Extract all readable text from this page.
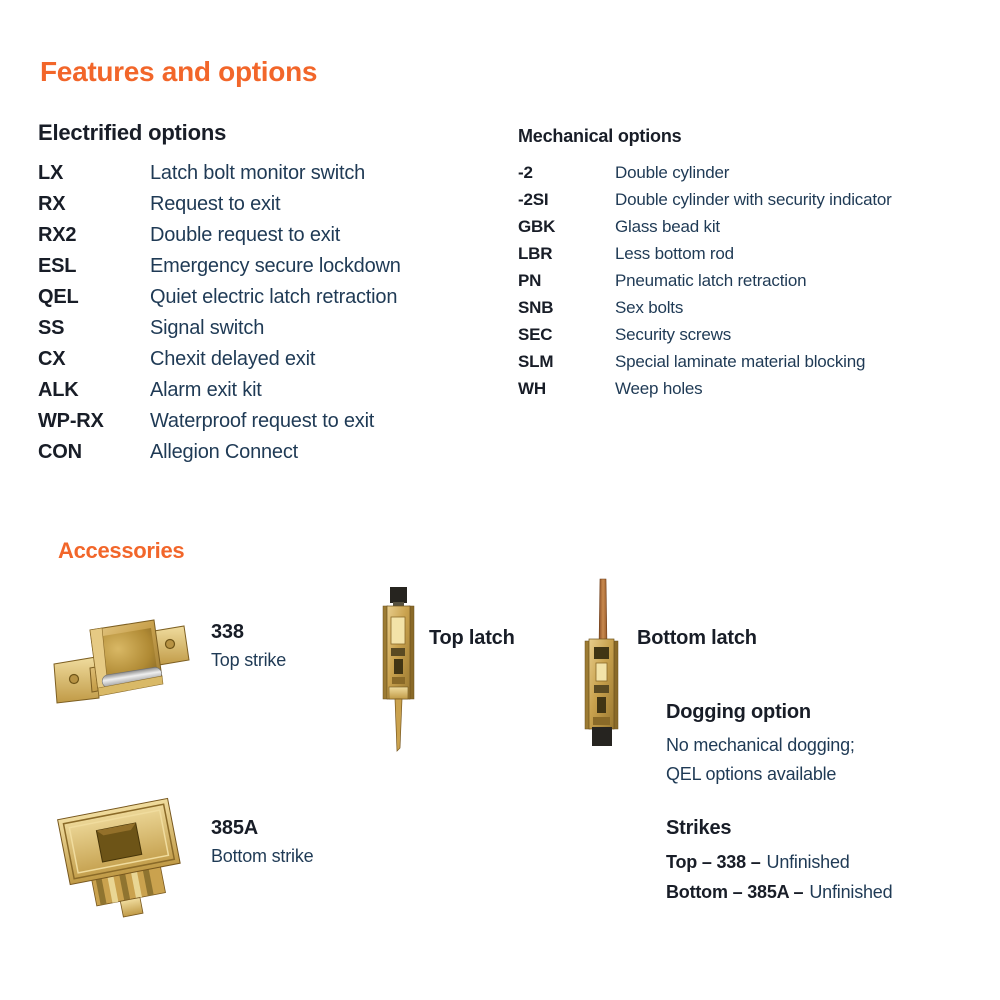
Features and options

Electrified options

LX	Latch bolt monitor switch
RX	Request to exit
RX2	Double request to exit
ESL	Emergency secure lockdown
QEL	Quiet electric latch retraction
SS	Signal switch
CX	Chexit delayed exit
ALK	Alarm exit kit
WP-RX	Waterproof request to exit
CON	Allegion Connect

Mechanical options

-2	Double cylinder
-2SI	Double cylinder with security indicator
GBK	Glass bead kit
LBR	Less bottom rod
PN	Pneumatic latch retraction
SNB	Sex bolts
SEC	Security screws
SLM	Special laminate material blocking
WH	Weep holes
Accessories
338
Top strike
Top latch	Bottom latch
Dogging option
No mechanical dogging;
QEL options available
385A
Bottom strike
Strikes
Top – 338 – Unfinished
Bottom – 385A – Unfinished
